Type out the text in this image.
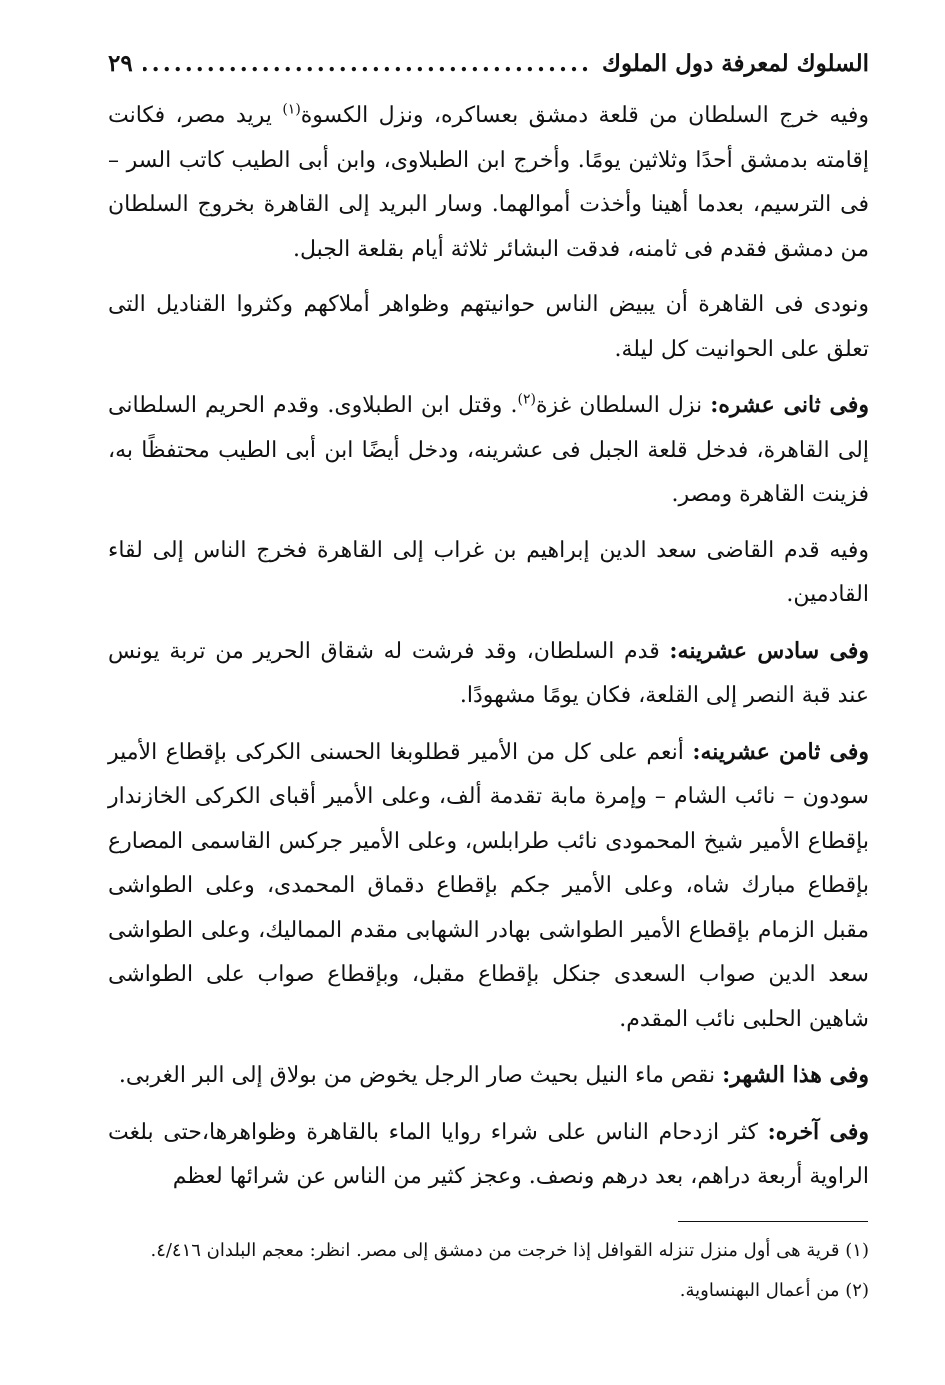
السلوك لمعرفة دول الملوك
.....
٢٩

وفيه خرج السلطان من قلعة دمشق بعساكره، ونزل الكسوة$^{(١)}$ يريد مصر، فكانت إقامته بدمشق أحدًا وثلاثين يومًا. وأخرج ابن الطبلاوى، وابن أبى الطيب كاتب السر – فى الترسيم، بعدما أهينا وأخذت أموالهما. وسار البريد إلى القاهرة بخروج السلطان من دمشق فقدم فى ثامنه، فدقت البشائر ثلاثة أيام بقلعة الجبل.

ونودى فى القاهرة أن يبيض الناس حوانيتهم وظواهر أملاكهم وكثروا القناديل التى تعلق على الحوانيت كل ليلة.

وفى ثانى عشره: نزل السلطان غزة$^{(٢)}$. وقتل ابن الطبلاوى. وقدم الحريم السلطانى إلى القاهرة، فدخل قلعة الجبل فى عشرينه، ودخل أيضًا ابن أبى الطيب محتفظًا به، فزينت القاهرة ومصر.

وفيه قدم القاضى سعد الدين إبراهيم بن غراب إلى القاهرة فخرج الناس إلى لقاء القادمين.

وفى سادس عشرينه: قدم السلطان، وقد فرشت له شقاق الحرير من تربة يونس عند قبة النصر إلى القلعة، فكان يومًا مشهودًا.

وفى ثامن عشرينه: أنعم على كل من الأمير قطلوبغا الحسنى الكركى بإقطاع الأمير سودون – نائب الشام – وإمرة مابة تقدمة ألف، وعلى الأمير أقباى الكركى الخازندار بإقطاع الأمير شيخ المحمودى نائب طرابلس، وعلى الأمير جركس القاسمى المصارع بإقطاع مبارك شاه، وعلى الأمير جكم بإقطاع دقماق المحمدى، وعلى الطواشى مقبل الزمام بإقطاع الأمير الطواشى بهادر الشهابى مقدم المماليك، وعلى الطواشى سعد الدين صواب السعدى جنكل بإقطاع مقبل، وبإقطاع صواب على الطواشى شاهين الحلبى نائب المقدم.

وفى هذا الشهر: نقص ماء النيل بحيث صار الرجل يخوض من بولاق إلى البر الغربى.

وفى آخره: كثر ازدحام الناس على شراء روايا الماء بالقاهرة وظواهرها،حتى بلغت الراوية أربعة دراهم، بعد درهم ونصف. وعجز كثير من الناس عن شرائها لعظم

(١) قرية هى أول منزل تنزله القوافل إذا خرجت من دمشق إلى مصر. انظر: معجم البلدان ٤/٤١٦.

(٢) من أعمال البهنساوية.
